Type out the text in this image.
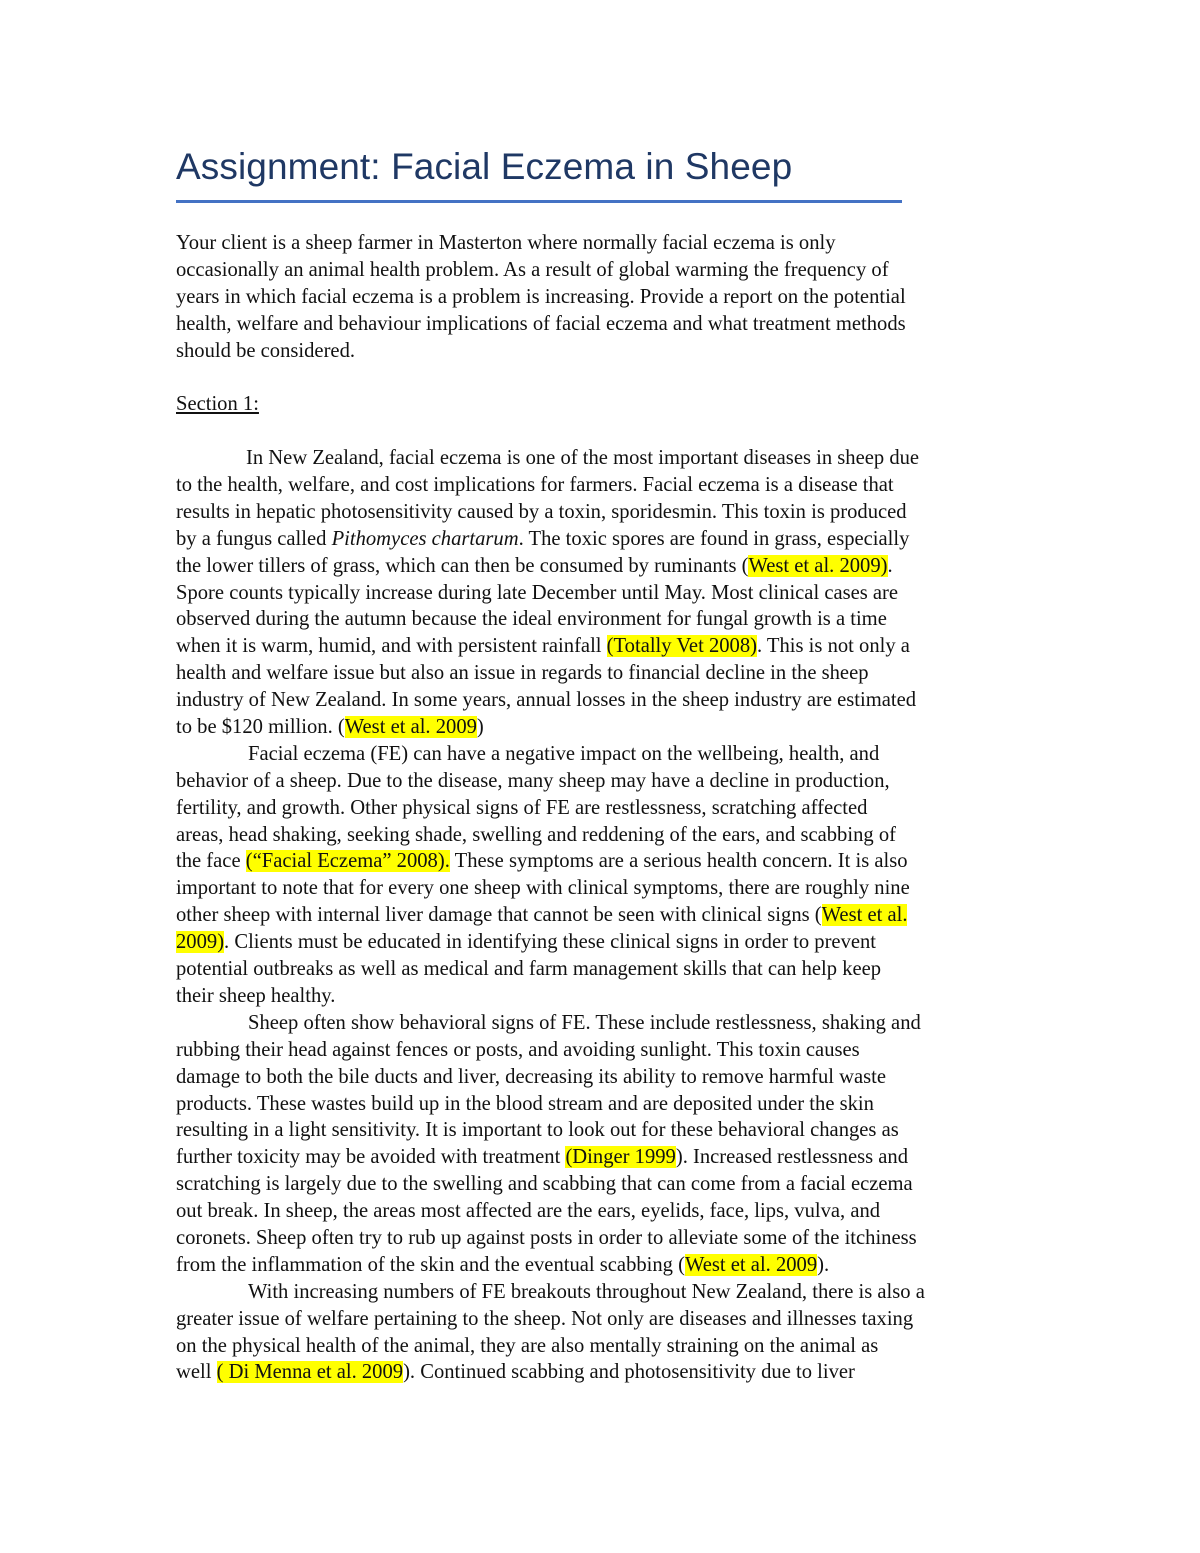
Assignment: Facial Eczema in Sheep
Your client is a sheep farmer in Masterton where normally facial eczema is only
occasionally an animal health problem. As a result of global warming the frequency of
years in which facial eczema is a problem is increasing. Provide a report on the potential
health, welfare and behaviour implications of facial eczema and what treatment methods
should be considered.
Section 1:
In New Zealand, facial eczema is one of the most important diseases in sheep due
to the health, welfare, and cost implications for farmers. Facial eczema is a disease that
results in hepatic photosensitivity caused by a toxin, sporidesmin. This toxin is produced
by a fungus called Pithomyces chartarum. The toxic spores are found in grass, especially
the lower tillers of grass, which can then be consumed by ruminants (West et al. 2009).
Spore counts typically increase during late December until May. Most clinical cases are
observed during the autumn because the ideal environment for fungal growth is a time
when it is warm, humid, and with persistent rainfall (Totally Vet 2008). This is not only a
health and welfare issue but also an issue in regards to financial decline in the sheep
industry of New Zealand. In some years, annual losses in the sheep industry are estimated
to be $120 million. (West et al. 2009)
Facial eczema (FE) can have a negative impact on the wellbeing, health, and
behavior of a sheep. Due to the disease, many sheep may have a decline in production,
fertility, and growth. Other physical signs of FE are restlessness, scratching affected
areas, head shaking, seeking shade, swelling and reddening of the ears, and scabbing of
the face (“Facial Eczema” 2008). These symptoms are a serious health concern. It is also
important to note that for every one sheep with clinical symptoms, there are roughly nine
other sheep with internal liver damage that cannot be seen with clinical signs (West et al.
2009). Clients must be educated in identifying these clinical signs in order to prevent
potential outbreaks as well as medical and farm management skills that can help keep
their sheep healthy.
Sheep often show behavioral signs of FE. These include restlessness, shaking and
rubbing their head against fences or posts, and avoiding sunlight. This toxin causes
damage to both the bile ducts and liver, decreasing its ability to remove harmful waste
products. These wastes build up in the blood stream and are deposited under the skin
resulting in a light sensitivity. It is important to look out for these behavioral changes as
further toxicity may be avoided with treatment (Dinger 1999). Increased restlessness and
scratching is largely due to the swelling and scabbing that can come from a facial eczema
out break. In sheep, the areas most affected are the ears, eyelids, face, lips, vulva, and
coronets. Sheep often try to rub up against posts in order to alleviate some of the itchiness
from the inflammation of the skin and the eventual scabbing (West et al. 2009).
With increasing numbers of FE breakouts throughout New Zealand, there is also a
greater issue of welfare pertaining to the sheep. Not only are diseases and illnesses taxing
on the physical health of the animal, they are also mentally straining on the animal as
well ( Di Menna et al. 2009). Continued scabbing and photosensitivity due to liver
